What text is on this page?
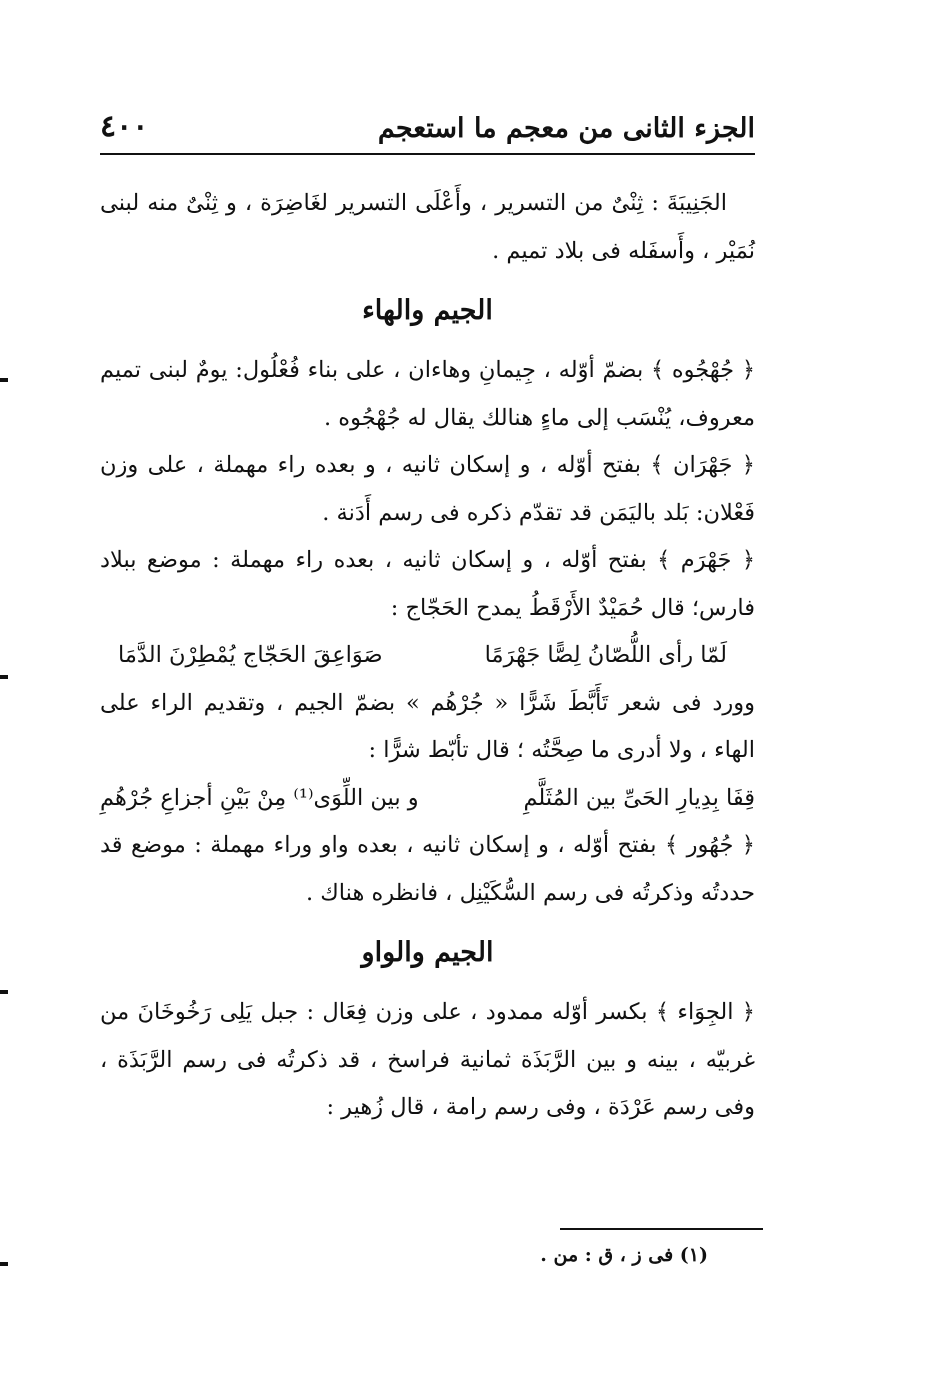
الجزء الثانى من معجم ما استعجم
٤٠٠

الجَنِيبَةَ : ثِنْىٌ من التسرير ، وأَعْلَى التسرير لغَاضِرَة ، و ثِنْىٌ منه لبنى نُمَيْر ، وأَسفَله فى بلاد تميم .

الجيم والهاء

﴿ جُهْجُوه ﴾ بضمّ أوّله ، جِيمانِ وهاءان ، على بناء فُعْلُول: يومٌ لبنى تميم معروف، يُنْسَب إلى ماءٍ هنالك يقال له جُهْجُوه .

﴿ جَهْرَان ﴾ بفتح أوّله ، و إسكان ثانيه ، و بعده راء مهملة ، على وزن فَعْلان: بَلد باليَمَن قد تقدّم ذكره فى رسم أَدَنة .

﴿ جَهْرَم ﴾ بفتح أوّله ، و إسكان ثانيه ، بعده راء مهملة : موضع ببلاد فارس؛ قال حُمَيْدٌ الأَرْقَطُ يمدح الحَجّاج :

لَمّا رأى اللُّصّانُ لِصًّا جَهْرَمًا
صَوَاعِقَ الحَجّاج يُمْطِرْنَ الدَّمَا

وورد فى شعر تَأَبَّطَ شَرًّا « جُرْهُم » بضمّ الجيم ، وتقديم الراء على الهاء ، ولا أدرى ما صِحَّتُه ؛ قال تأبّط شرًّا :

قِفَا بِدِيارِ الحَىِّ بين المُثَلَّمِ
و بين اللِّوَى⁽¹⁾ مِنْ بَيْنِ أجزاعِ جُرْهُمِ

﴿ جُهُور ﴾ بفتح أوّله ، و إسكان ثانيه ، بعده واو وراء مهملة : موضع قد حددتُه وذكرتُه فى رسم السُّكَيْنِل ، فانظره هناك .

الجيم والواو

﴿ الجِوَاء ﴾ بكسر أوّله ممدود ، على وزن فِعَال : جبل يَلِى رَخُوخَانَ من غربيّه ، بينه و بين الرَّبَذَة ثمانية فراسخ ، قد ذكرتُه فى رسم الرَّبَذَة ، وفى رسم عَرْدَة ، وفى رسم رامة ، قال زُهير :

(١) فى ز ، ق : من .
